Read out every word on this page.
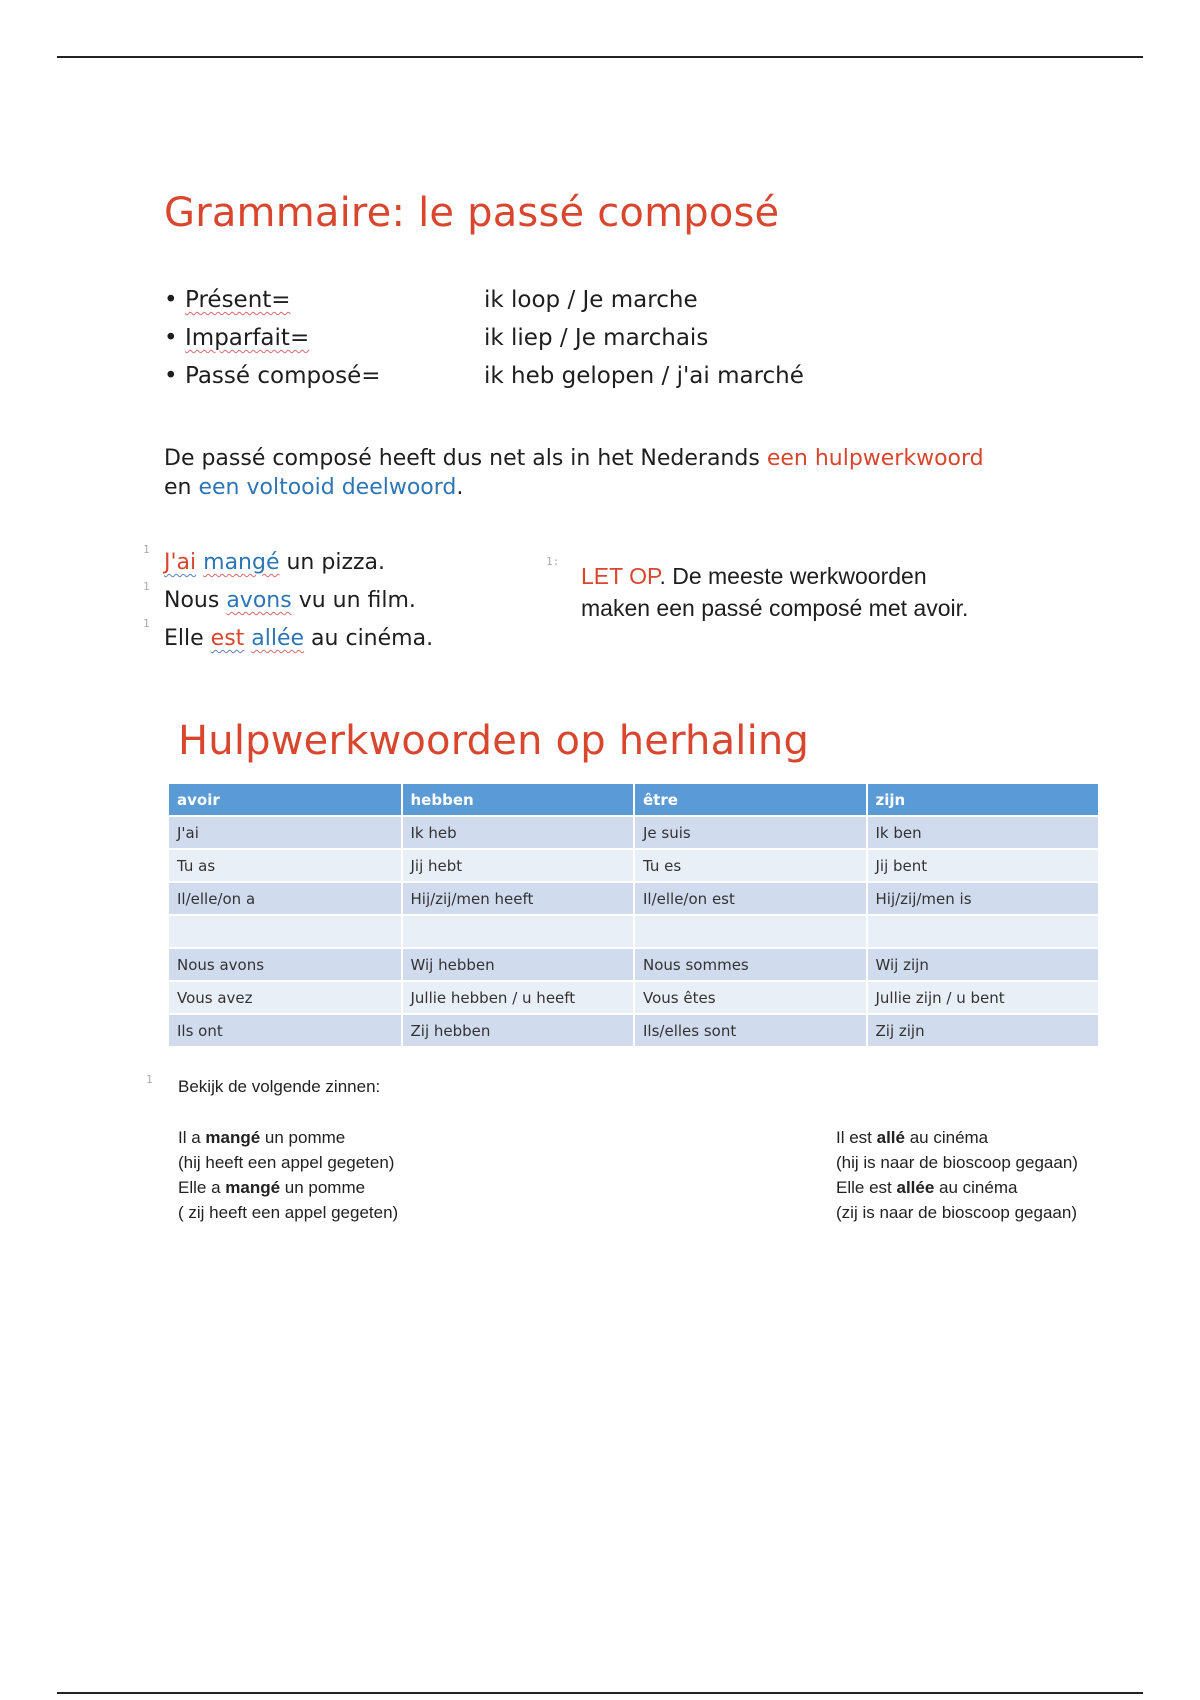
Grammaire: le passé composé
• Présent=	ik loop / Je marche
• Imparfait=	ik liep / Je marchais
• Passé composé=	ik heb gelopen / j'ai marché
De passé composé heeft dus net als in het Nederands een hulpwerkwoord
en een voltooid deelwoord.
1
1
1
1:
1
J'ai mangé un pizza.
Nous avons vu un film.
Elle est allée au cinéma.
LET OP. De meeste werkwoorden maken een passé composé met avoir.
Hulpwerkwoorden op herhaling
avoir	hebben	être	zijn
J'ai	Ik heb	Je suis	Ik ben
Tu as	Jij hebt	Tu es	Jij bent
Il/elle/on a	Hij/zij/men heeft	Il/elle/on est	Hij/zij/men is

Nous avons	Wij hebben	Nous sommes	Wij zijn
Vous avez	Jullie hebben / u heeft	Vous êtes	Jullie zijn / u bent
Ils ont	Zij hebben	Ils/elles sont	Zij zijn
Bekijk de volgende zinnen:
Il a mangé un pomme
(hij heeft een appel gegeten)
Elle a mangé un pomme
( zij heeft een appel gegeten)
Il est allé au cinéma
(hij is naar de bioscoop gegaan)
Elle est allée au cinéma
(zij is naar de bioscoop gegaan)
